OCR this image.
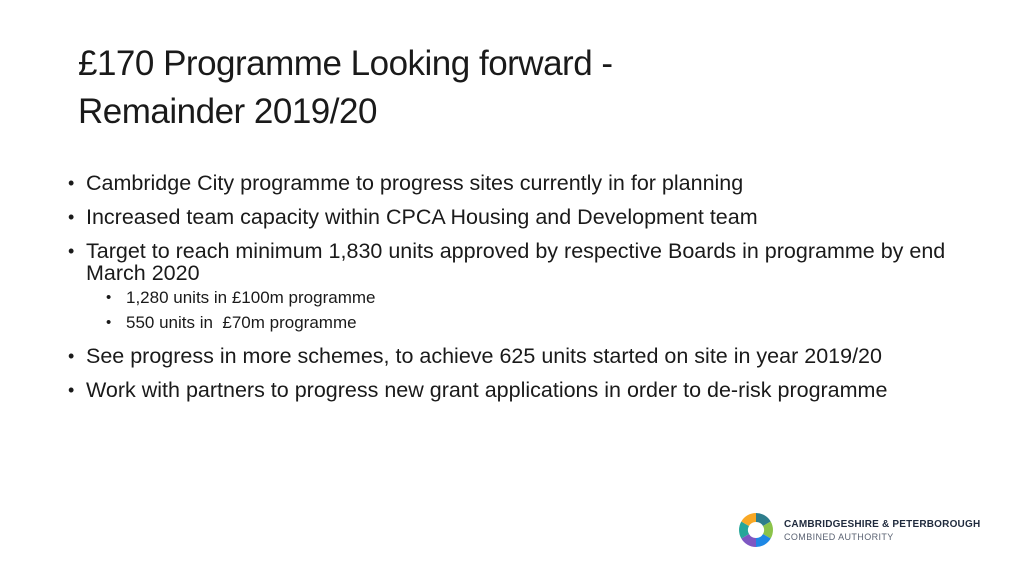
£170 Programme Looking forward -
Remainder 2019/20
• Cambridge City programme to progress sites currently in for planning
• Increased team capacity within CPCA Housing and Development team
• Target to reach minimum 1,830 units approved by respective Boards in programme by end March 2020
• 1,280 units in £100m programme
• 550 units in  £70m programme
• See progress in more schemes, to achieve 625 units started on site in year 2019/20
• Work with partners to progress new grant applications in order to de-risk programme
CAMBRIDGESHIRE & PETERBOROUGH
COMBINED AUTHORITY
